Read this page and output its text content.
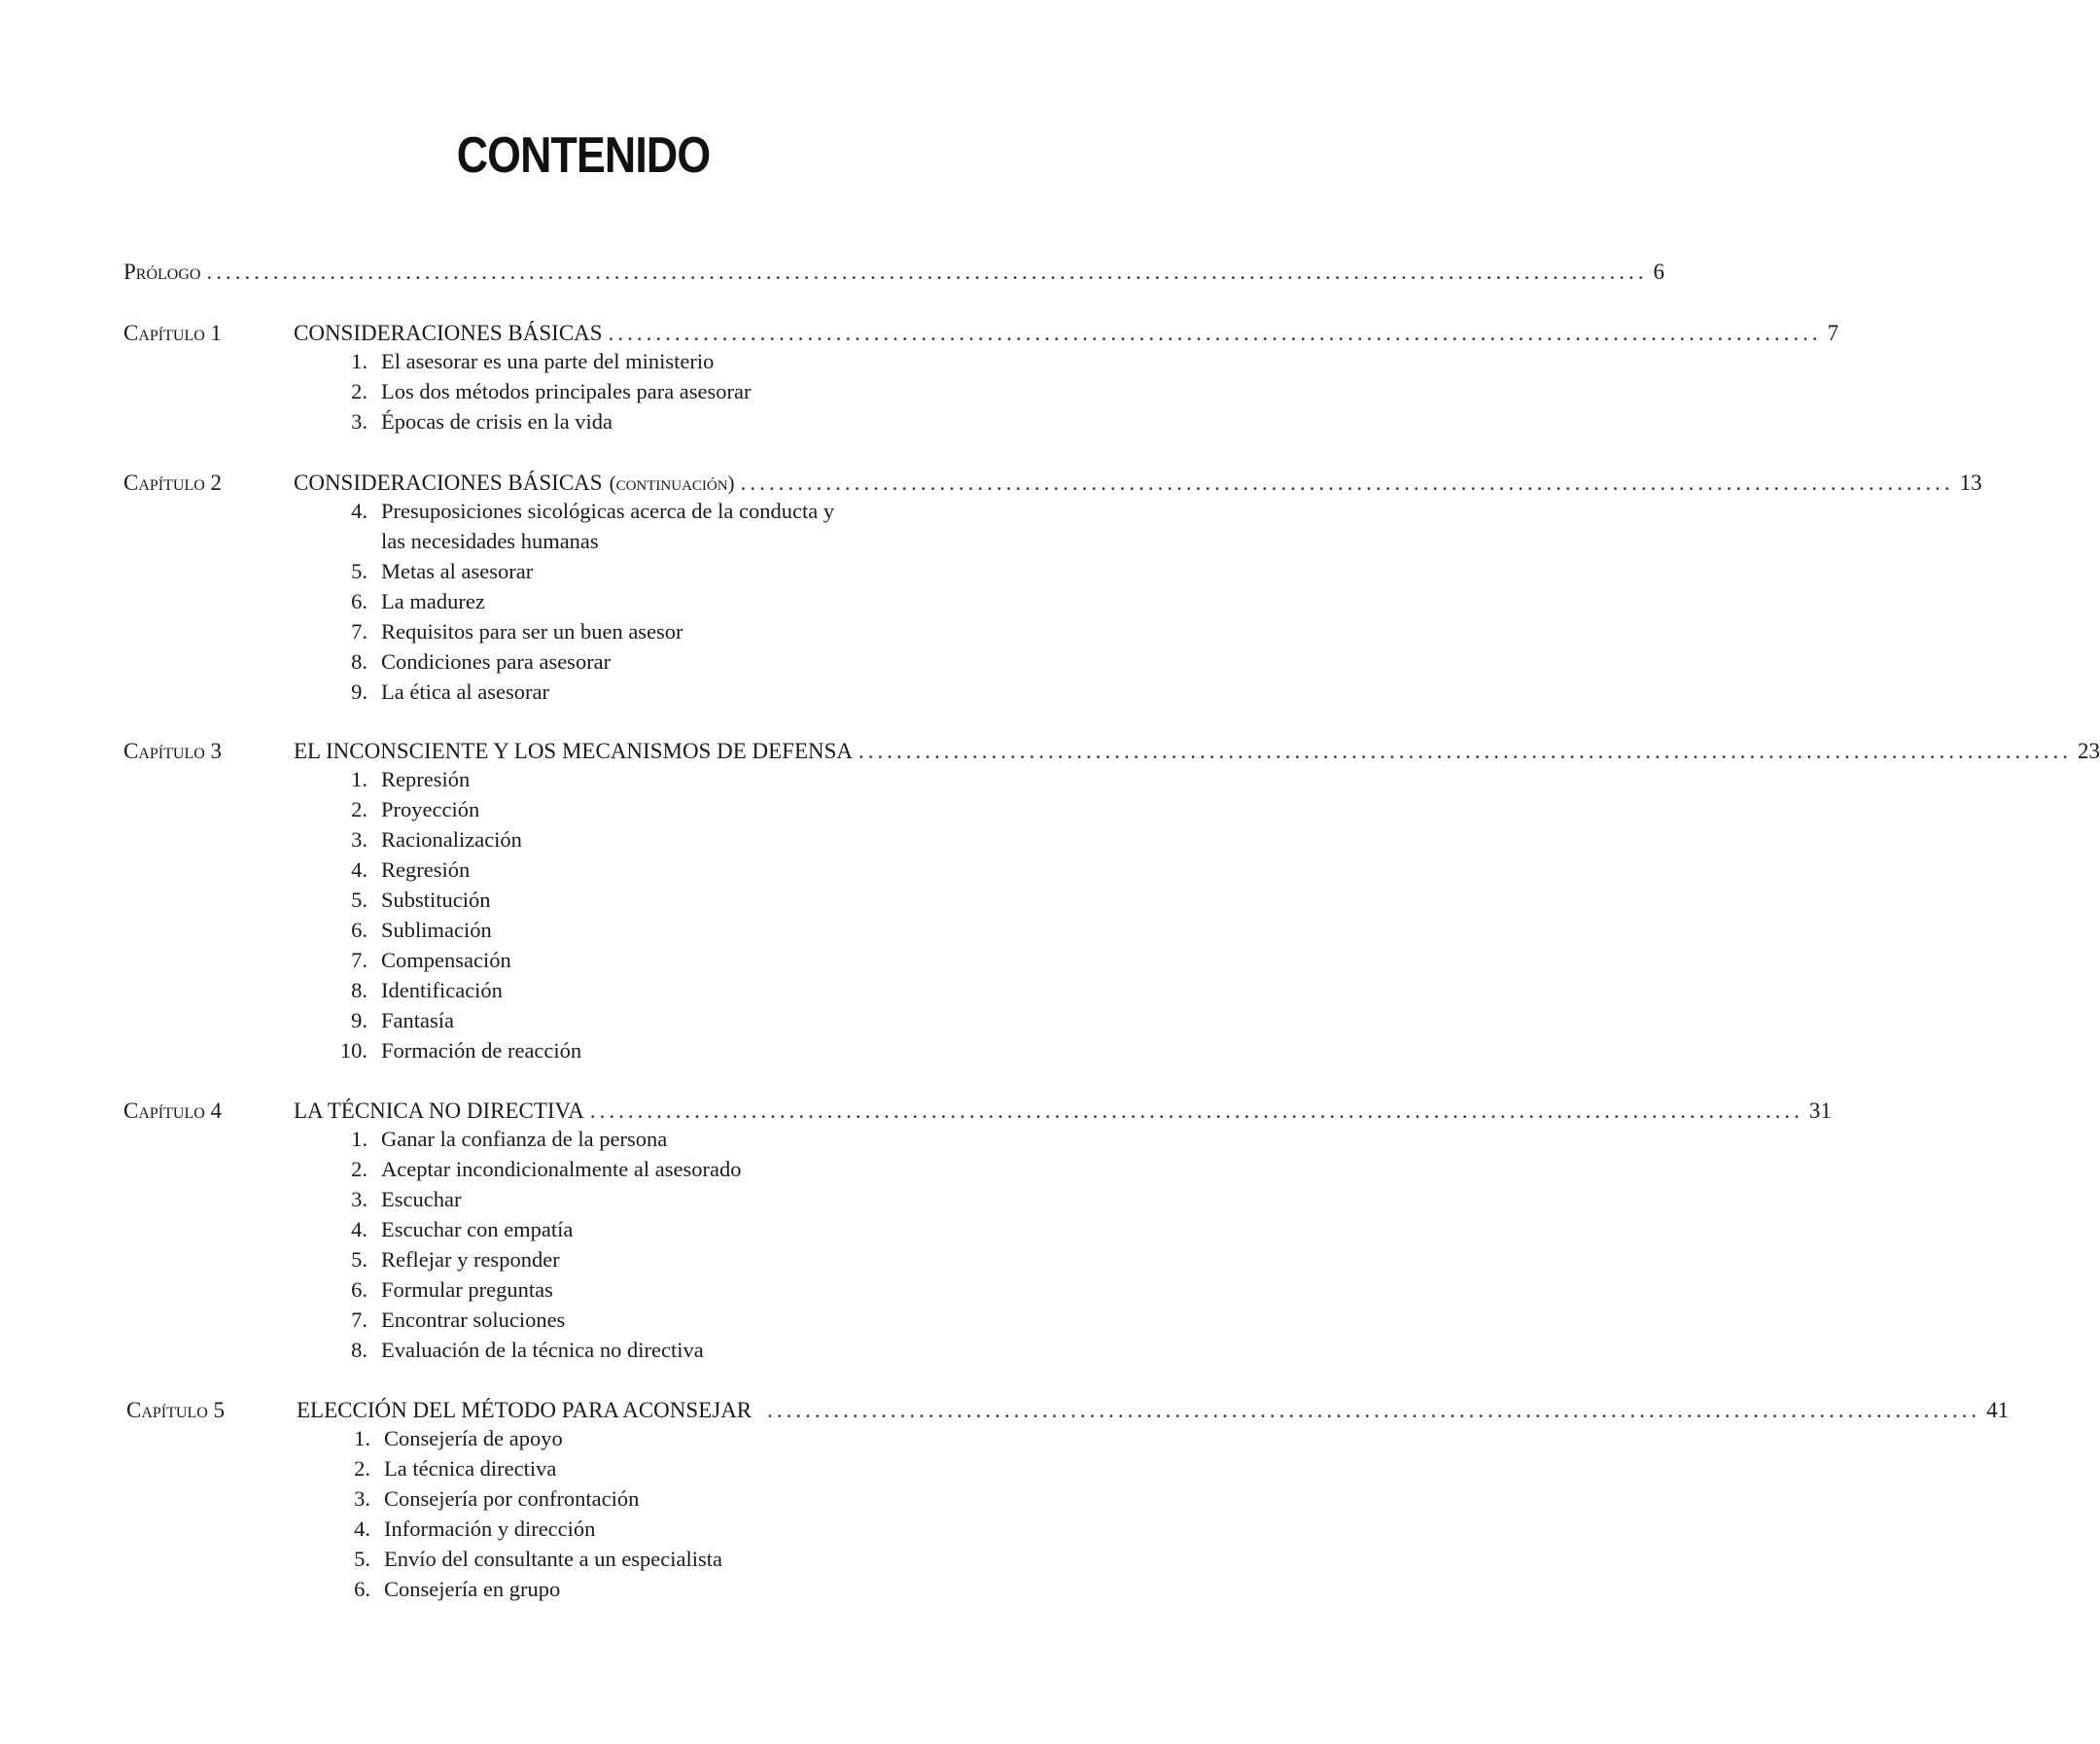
CONTENIDO
Prólogo ........................................................................................................................................................ 6
Capítulo 1	CONSIDERACIONES BÁSICAS ................................................................................................................................ 7
1. El asesorar es una parte del ministerio
2. Los dos métodos principales para asesorar
3. Épocas de crisis en la vida
Capítulo 2	CONSIDERACIONES BÁSICAS (continuación) ................................................................................................................................ 13
4. Presuposiciones sicológicas acerca de la conducta y
las necesidades humanas
5. Metas al asesorar
6. La madurez
7. Requisitos para ser un buen asesor
8. Condiciones para asesorar
9. La ética al asesorar
Capítulo 3	EL INCONSCIENTE Y LOS MECANISMOS DE DEFENSA ................................................................................................................................ 23
1. Represión
2. Proyección
3. Racionalización
4. Regresión
5. Substitución
6. Sublimación
7. Compensación
8. Identificación
9. Fantasía
10. Formación de reacción
Capítulo 4	LA TÉCNICA NO DIRECTIVA ................................................................................................................................ 31
1. Ganar la confianza de la persona
2. Aceptar incondicionalmente al asesorado
3. Escuchar
4. Escuchar con empatía
5. Reflejar y responder
6. Formular preguntas
7. Encontrar soluciones
8. Evaluación de la técnica no directiva
Capítulo 5	ELECCIÓN DEL MÉTODO PARA ACONSEJAR ................................................................................................................................ 41
1. Consejería de apoyo
2. La técnica directiva
3. Consejería por confrontación
4. Información y dirección
5. Envío del consultante a un especialista
6. Consejería en grupo
